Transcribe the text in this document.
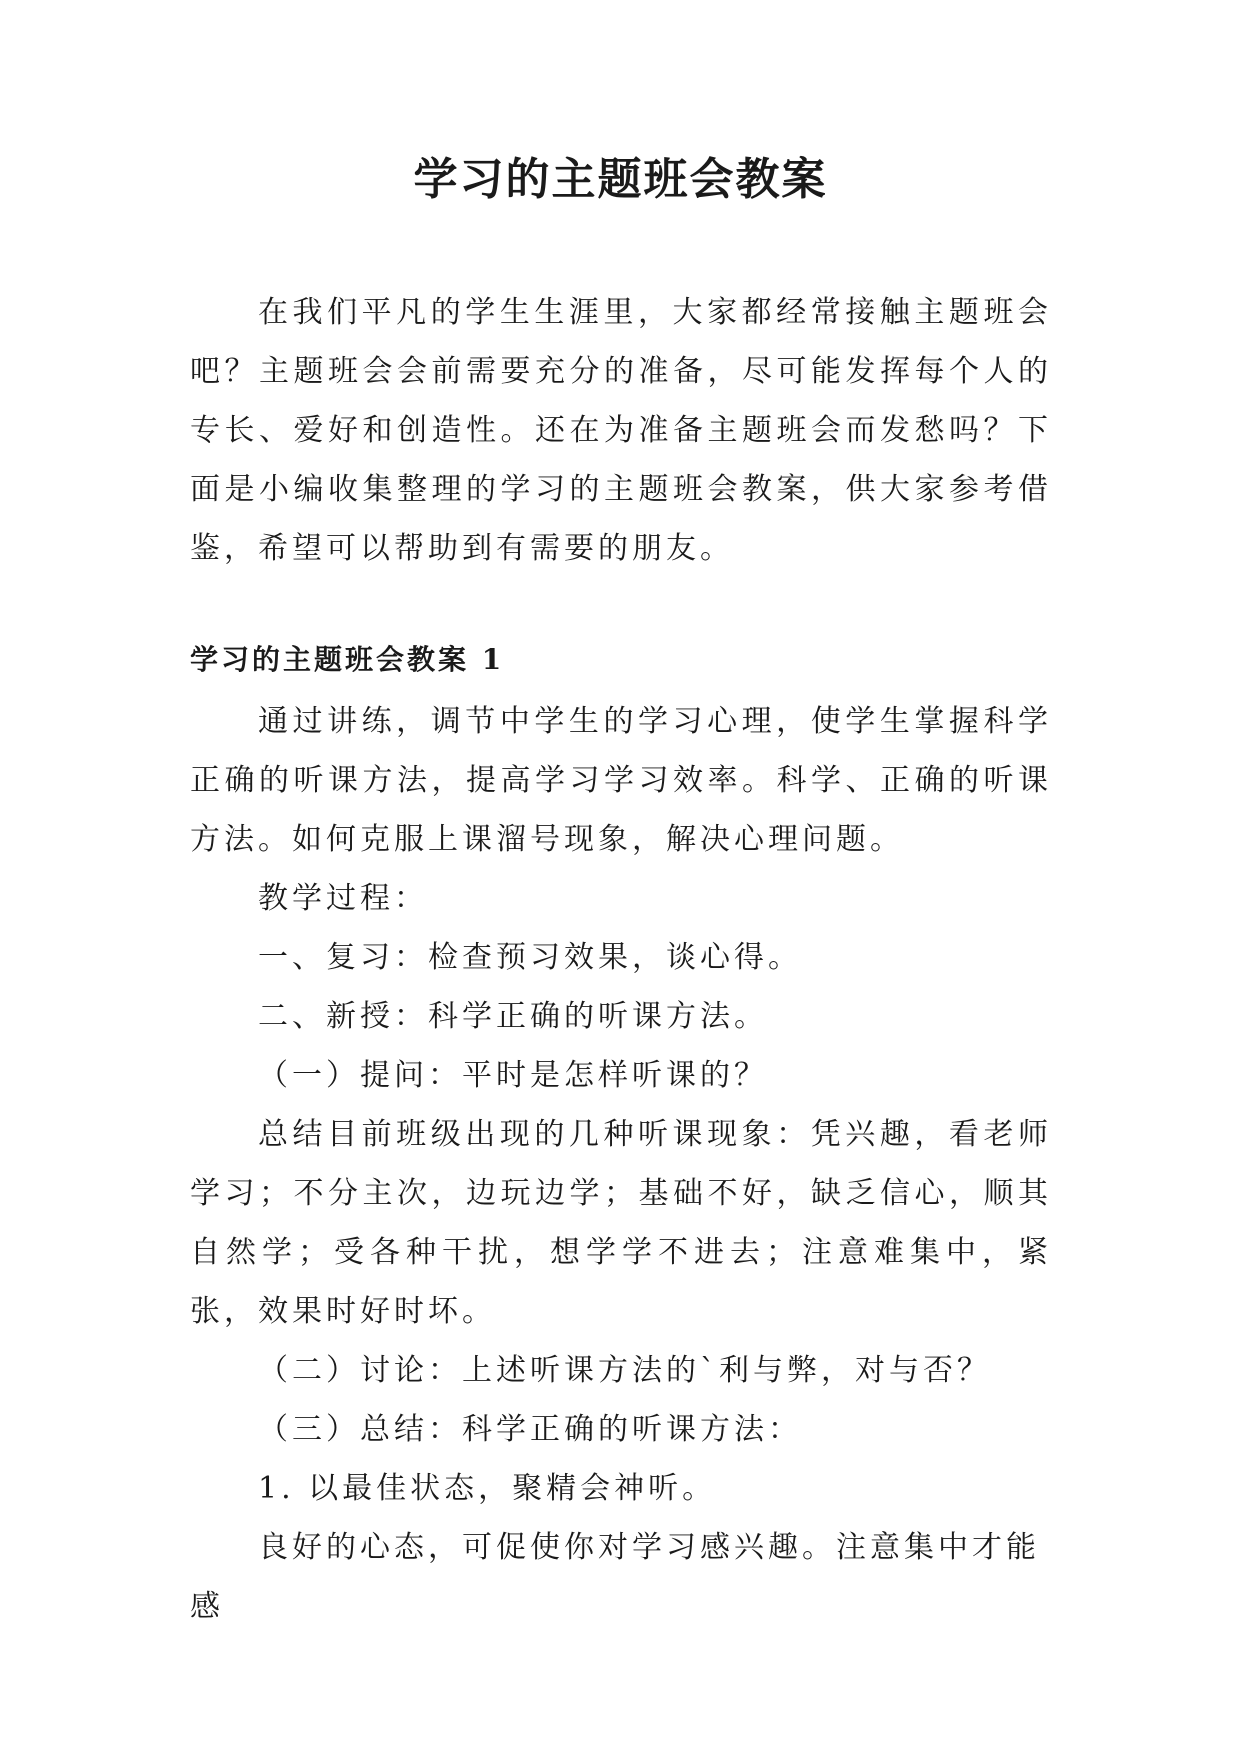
学习的主题班会教案

在我们平凡的学生生涯里，大家都经常接触主题班会吧？主题班会会前需要充分的准备，尽可能发挥每个人的专长、爱好和创造性。还在为准备主题班会而发愁吗？下面是小编收集整理的学习的主题班会教案，供大家参考借鉴，希望可以帮助到有需要的朋友。

学习的主题班会教案 1

通过讲练，调节中学生的学习心理，使学生掌握科学正确的听课方法，提高学习学习效率。科学、正确的听课方法。如何克服上课溜号现象，解决心理问题。

教学过程：

一、复习：检查预习效果，谈心得。

二、新授：科学正确的听课方法。

（一）提问：平时是怎样听课的？

总结目前班级出现的几种听课现象：凭兴趣，看老师学习；不分主次，边玩边学；基础不好，缺乏信心，顺其自然学；受各种干扰，想学学不进去；注意难集中，紧张，效果时好时坏。

（二）讨论：上述听课方法的`利与弊，对与否？

（三）总结：科学正确的听课方法：

1. 以最佳状态，聚精会神听。

良好的心态，可促使你对学习感兴趣。注意集中才能感
